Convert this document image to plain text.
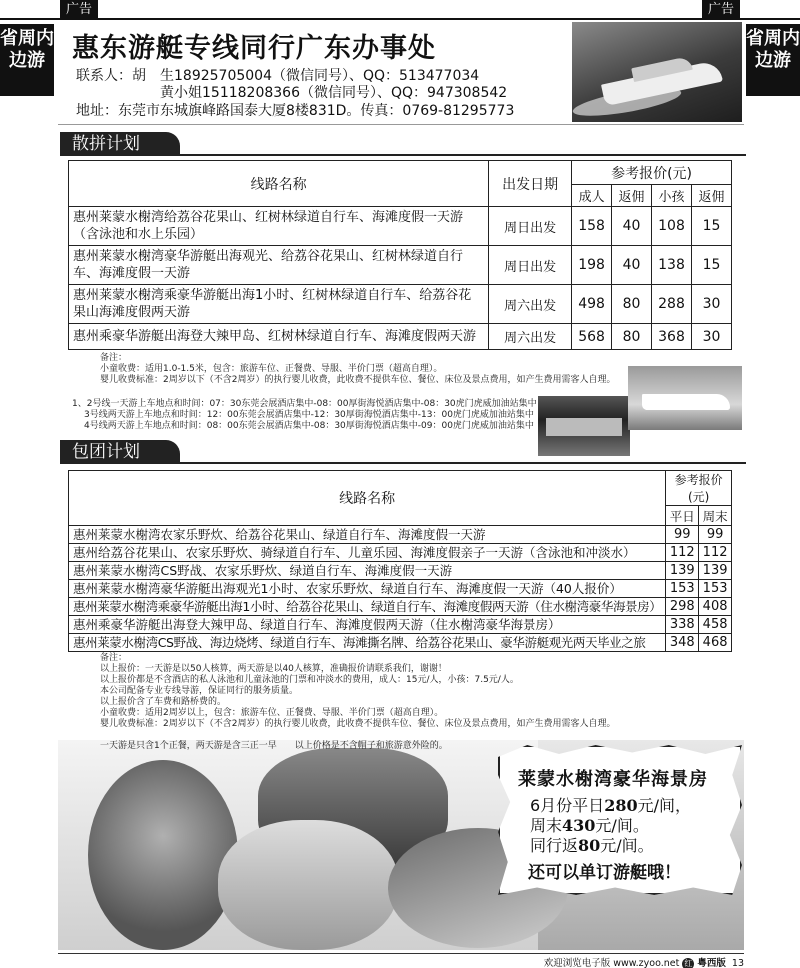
广告	广告
省周内边游
省周内边游
惠东游艇专线同行广东办事处
联系人：胡　生18925705004（微信同号）、QQ：513477034
黄小姐15118208366（微信同号）、QQ：947308542
地址：东莞市东城旗峰路国泰大厦8楼831D。传真：0769-81295773
散拼计划
线路名称	出发日期	参考报价(元)			
		成人	返佣	小孩	返佣
惠州莱蒙水榭湾给荔谷花果山、红树林绿道自行车、海滩度假一天游（含泳池和水上乐园）	周日出发	158	40	108	15
惠州莱蒙水榭湾豪华游艇出海观光、给荔谷花果山、红树林绿道自行车、海滩度假一天游	周日出发	198	40	138	15
惠州莱蒙水榭湾乘豪华游艇出海1小时、红树林绿道自行车、给荔谷花果山海滩度假两天游	周六出发	498	80	288	30
惠州乘豪华游艇出海登大辣甲岛、红树林绿道自行车、海滩度假两天游	周六出发	568	80	368	30
备注：
小童收费：适用1.0-1.5米，包含：旅游车位、正餐费、导服、半价门票（超高自理）。
婴儿收费标准：2周岁以下（不含2周岁）的执行婴儿收费，此收费不提供车位、餐位、床位及景点费用，如产生费用需客人自理。
1、2号线一天游上车地点和时间：07：30东莞会展酒店集中-08：00厚街海悦酒店集中-08：30虎门虎威加油站集中
3号线两天游上车地点和时间：12：00东莞会展酒店集中-12：30厚街海悦酒店集中-13：00虎门虎威加油站集中
4号线两天游上车地点和时间：08：00东莞会展酒店集中-08：30厚街海悦酒店集中-09：00虎门虎威加油站集中
包团计划
线路名称	参考报价(元)	
	平日	周末
惠州莱蒙水榭湾农家乐野炊、给荔谷花果山、绿道自行车、海滩度假一天游	99	99
惠州给荔谷花果山、农家乐野炊、骑绿道自行车、儿童乐园、海滩度假亲子一天游（含泳池和冲淡水）	112	112
惠州莱蒙水榭湾CS野战、农家乐野炊、绿道自行车、海滩度假一天游	139	139
惠州莱蒙水榭湾豪华游艇出海观光1小时、农家乐野炊、绿道自行车、海滩度假一天游（40人报价）	153	153
惠州莱蒙水榭湾乘豪华游艇出海1小时、给荔谷花果山、绿道自行车、海滩度假两天游（住水榭湾豪华海景房）	298	408
惠州乘豪华游艇出海登大辣甲岛、绿道自行车、海滩度假两天游（住水榭湾豪华海景房）	338	458
惠州莱蒙水榭湾CS野战、海边烧烤、绿道自行车、海滩撕名牌、给荔谷花果山、豪华游艇观光两天毕业之旅	348	468
备注：
以上报价：一天游是以50人核算，两天游是以40人核算，准确报价请联系我们，谢谢！
以上报价都是不含酒店的私人泳池和儿童泳池的门票和冲淡水的费用，成人：15元/人，小孩：7.5元/人。
本公司配备专业专线导游，保证同行的服务质量。
以上报价含了车费和路桥费的。
小童收费：适用2周岁以上，包含：旅游车位、正餐费、导服、半价门票（超高自理）。
婴儿收费标准：2周岁以下（不含2周岁）的执行婴儿收费，此收费不提供车位、餐位、床位及景点费用，如产生费用需客人自理。
一天游是只含1个正餐，两天游是含三正一早　　以上价格是不含帽子和旅游意外险的。
莱蒙水榭湾豪华海景房
6月份平日280元/间，
周末430元/间。
同行返80元/间。
还可以单订游艇哦！
欢迎浏览电子版 www.zyoo.net 红 粤西版 13
